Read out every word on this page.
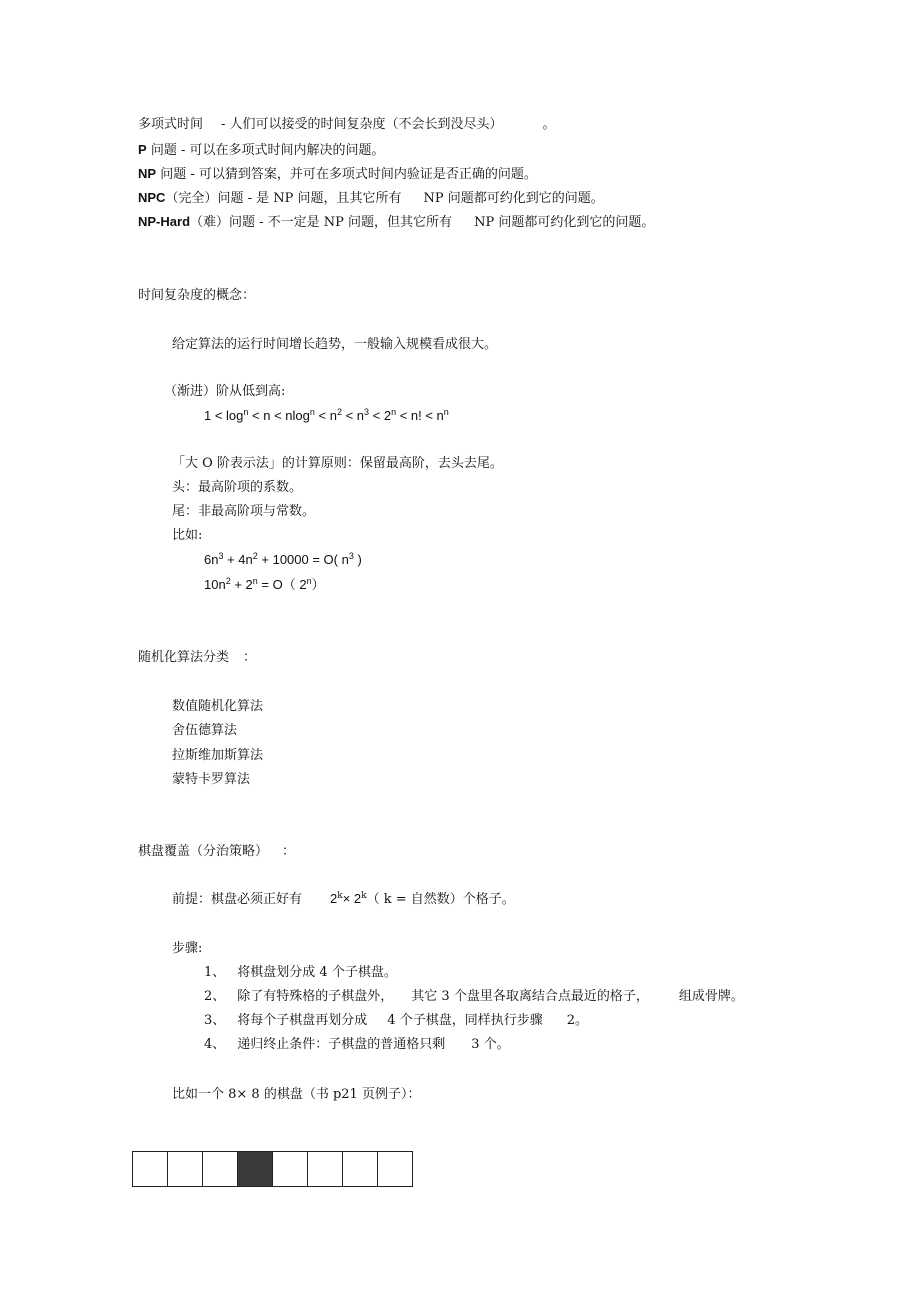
多项式时间 - 人们可以接受的时间复杂度（不会长到没尽头）	。
P 问题 - 可以在多项式时间内解决的问题。
NP 问题 - 可以猜到答案，并可在多项式时间内验证是否正确的问题。
NPC（完全）问题 - 是 NP 问题，且其它所有 NP 问题都可约化到它的问题。
NP-Hard（难）问题 - 不一定是 NP 问题，但其它所有 NP 问题都可约化到它的问题。
时间复杂度的概念：
给定算法的运行时间增长趋势，一般输入规模看成很大。
（渐进）阶从低到高:
$1 < \log^n < n < nlog^n < n^2 < n^3 < 2^n < n$! < $n^n$
「大 O 阶表示法」的计算原则：保留最高阶，去头去尾。
头：最高阶项的系数。
尾：非最高阶项与常数。
比如:
$6n^3 + 4n^2 + 10000 = O$( $n^3$ )
$10n^2 + 2^n = O$（ 2$^n$）
随机化算法分类 ：
数值随机化算法
舍伍德算法
拉斯维加斯算法
蒙特卡罗算法
棋盘覆盖（分治策略） ：
前提：棋盘必须正好有 $2^k\times 2^k$（ k = 自然数）个格子。
步骤:
1、 将棋盘划分成 4 个子棋盘。
2、 除了有特殊格的子棋盘外， 其它 3 个盘里各取离结合点最近的格子， 组成骨牌。
3、 将每个子棋盘再划分成 4 个子棋盘，同样执行步骤 2。
4、 递归终止条件：子棋盘的普通格只剩 3 个。
比如一个 8× 8 的棋盘（书 p21 页例子）：
